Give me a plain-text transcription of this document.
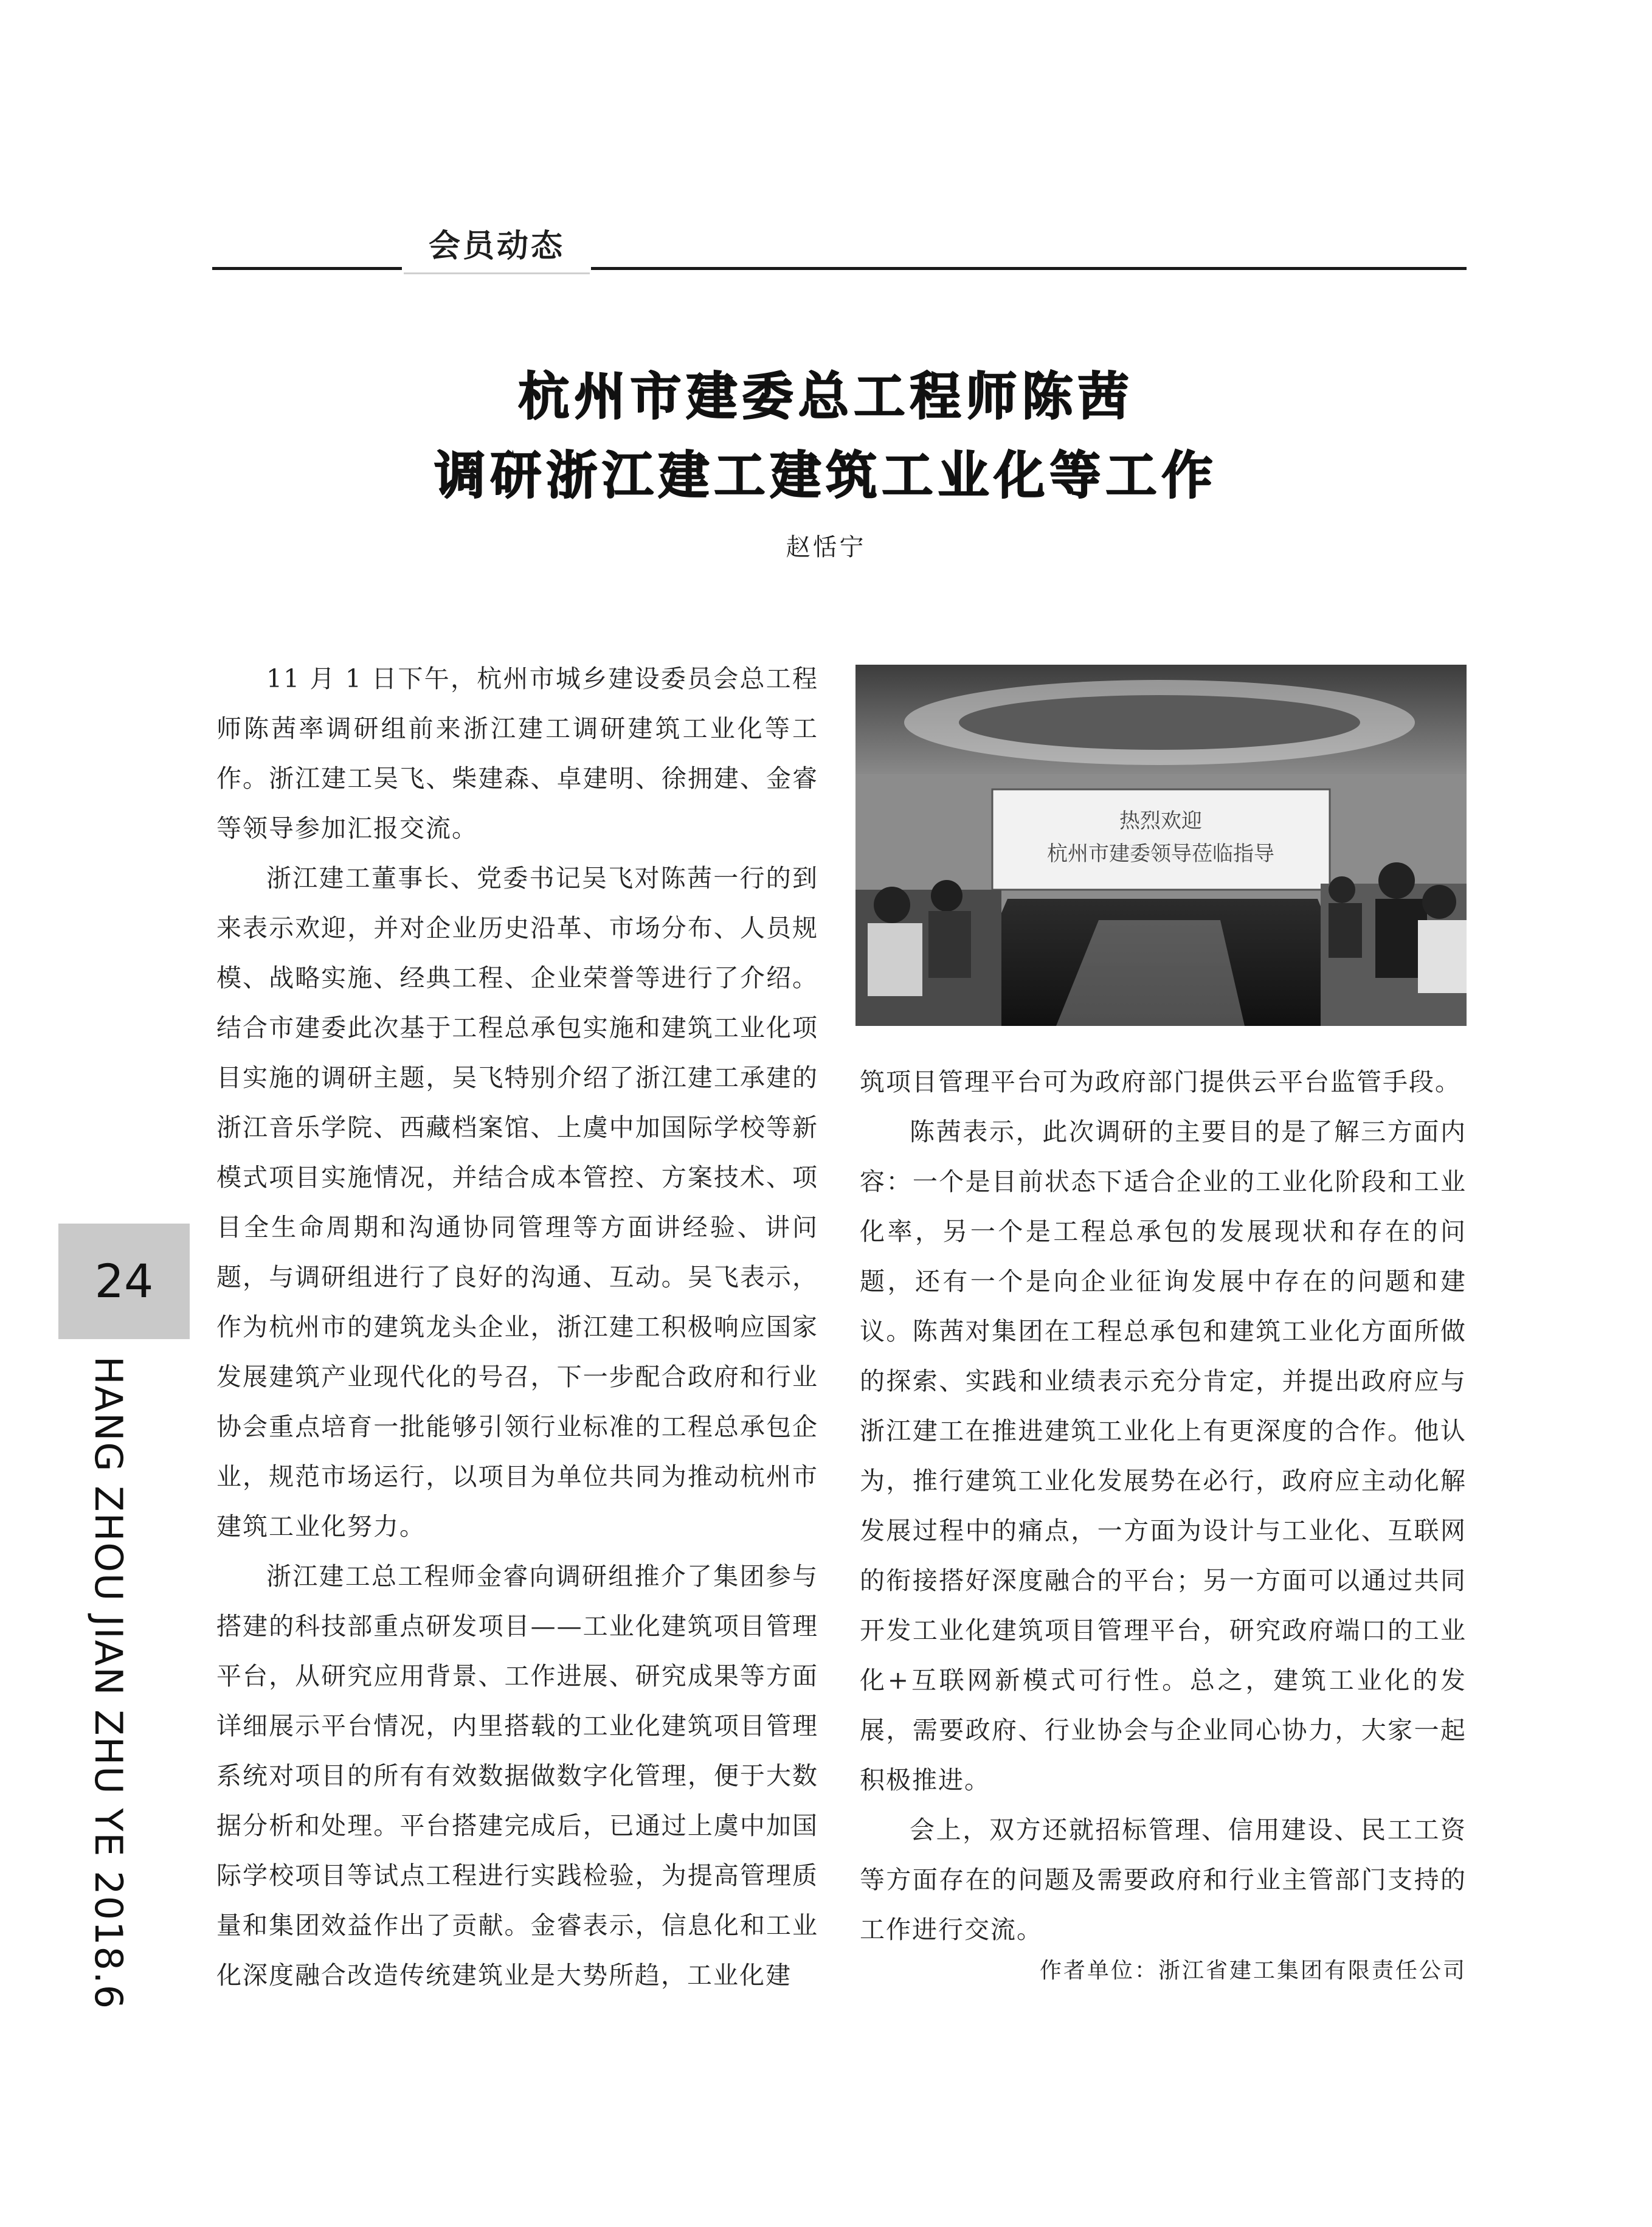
会员动态
杭州市建委总工程师陈茜
调研浙江建工建筑工业化等工作
赵恬宁

11 月 1 日下午，杭州市城乡建设委员会总工程师陈茜率调研组前来浙江建工调研建筑工业化等工作。浙江建工吴飞、柴建森、卓建明、徐拥建、金睿等领导参加汇报交流。

浙江建工董事长、党委书记吴飞对陈茜一行的到来表示欢迎，并对企业历史沿革、市场分布、人员规模、战略实施、经典工程、企业荣誉等进行了介绍。结合市建委此次基于工程总承包实施和建筑工业化项目实施的调研主题，吴飞特别介绍了浙江建工承建的浙江音乐学院、西藏档案馆、上虞中加国际学校等新模式项目实施情况，并结合成本管控、方案技术、项目全生命周期和沟通协同管理等方面讲经验、讲问题，与调研组进行了良好的沟通、互动。吴飞表示，作为杭州市的建筑龙头企业，浙江建工积极响应国家发展建筑产业现代化的号召，下一步配合政府和行业协会重点培育一批能够引领行业标准的工程总承包企业，规范市场运行，以项目为单位共同为推动杭州市建筑工业化努力。

浙江建工总工程师金睿向调研组推介了集团参与搭建的科技部重点研发项目——工业化建筑项目管理平台，从研究应用背景、工作进展、研究成果等方面详细展示平台情况，内里搭载的工业化建筑项目管理系统对项目的所有有效数据做数字化管理，便于大数据分析和处理。平台搭建完成后，已通过上虞中加国际学校项目等试点工程进行实践检验，为提高管理质量和集团效益作出了贡献。金睿表示，信息化和工业化深度融合改造传统建筑业是大势所趋，工业化建

热烈欢迎
杭州市建委领导莅临指导

筑项目管理平台可为政府部门提供云平台监管手段。

陈茜表示，此次调研的主要目的是了解三方面内容：一个是目前状态下适合企业的工业化阶段和工业化率，另一个是工程总承包的发展现状和存在的问题，还有一个是向企业征询发展中存在的问题和建议。陈茜对集团在工程总承包和建筑工业化方面所做的探索、实践和业绩表示充分肯定，并提出政府应与浙江建工在推进建筑工业化上有更深度的合作。他认为，推行建筑工业化发展势在必行，政府应主动化解发展过程中的痛点，一方面为设计与工业化、互联网的衔接搭好深度融合的平台；另一方面可以通过共同开发工业化建筑项目管理平台，研究政府端口的工业化+互联网新模式可行性。总之，建筑工业化的发展，需要政府、行业协会与企业同心协力，大家一起积极推进。

会上，双方还就招标管理、信用建设、民工工资等方面存在的问题及需要政府和行业主管部门支持的工作进行交流。

作者单位：浙江省建工集团有限责任公司
24
HANG ZHOU JIAN ZHU YE 2018.6
